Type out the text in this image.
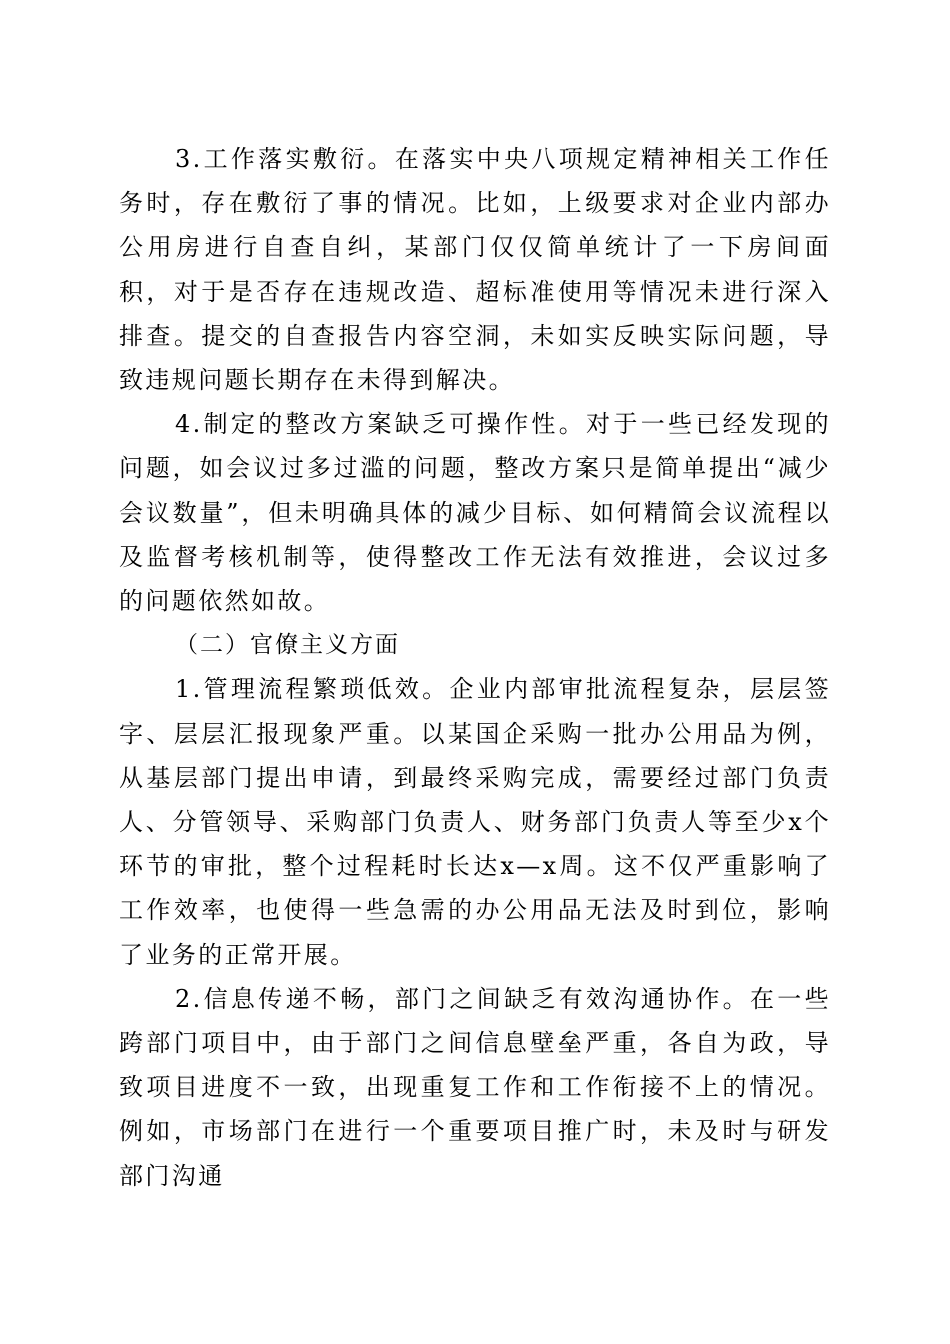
3.工作落实敷衍。在落实中央八项规定精神相关工作任务时，存在敷衍了事的情况。比如，上级要求对企业内部办公用房进行自查自纠，某部门仅仅简单统计了一下房间面积，对于是否存在违规改造、超标准使用等情况未进行深入排查。提交的自查报告内容空洞，未如实反映实际问题，导致违规问题长期存在未得到解决。

4.制定的整改方案缺乏可操作性。对于一些已经发现的问题，如会议过多过滥的问题，整改方案只是简单提出“减少会议数量”，但未明确具体的减少目标、如何精简会议流程以及监督考核机制等，使得整改工作无法有效推进，会议过多的问题依然如故。

（二）官僚主义方面

1.管理流程繁琐低效。企业内部审批流程复杂，层层签字、层层汇报现象严重。以某国企采购一批办公用品为例，从基层部门提出申请，到最终采购完成，需要经过部门负责人、分管领导、采购部门负责人、财务部门负责人等至少x个环节的审批，整个过程耗时长达x—x周。这不仅严重影响了工作效率，也使得一些急需的办公用品无法及时到位，影响了业务的正常开展。

2.信息传递不畅，部门之间缺乏有效沟通协作。在一些跨部门项目中，由于部门之间信息壁垒严重，各自为政，导致项目进度不一致，出现重复工作和工作衔接不上的情况。例如，市场部门在进行一个重要项目推广时，未及时与研发部门沟通
